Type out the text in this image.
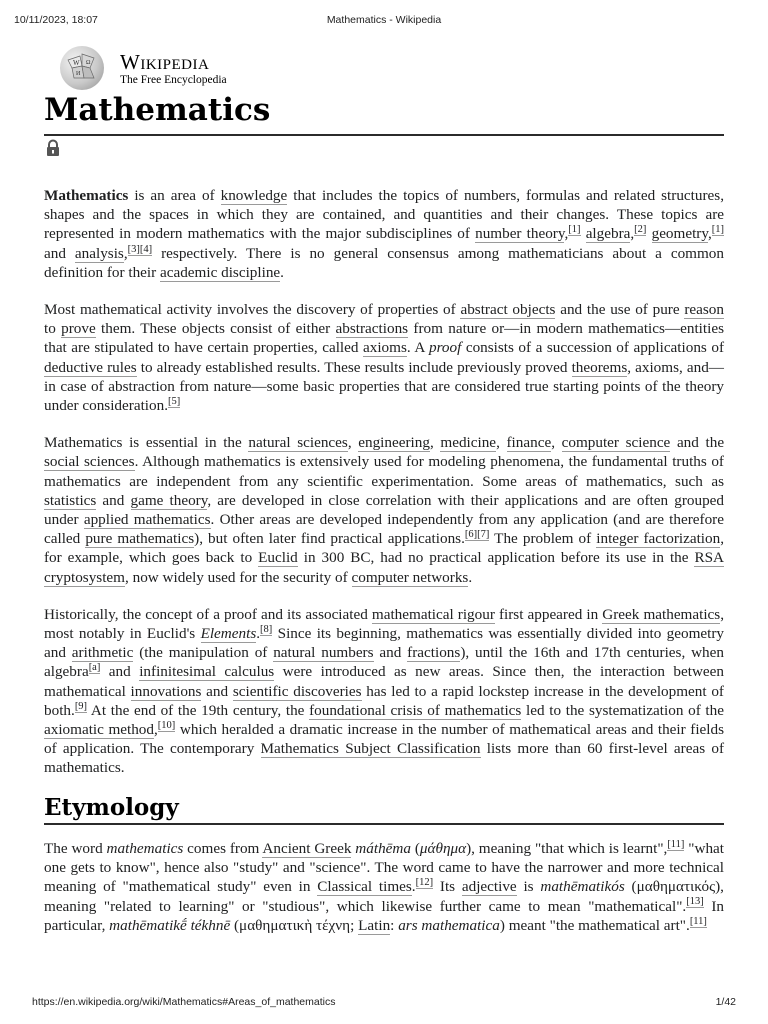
10/11/2023, 18:07	Mathematics - Wikipedia
W Ω
И Wikipedia
The Free Encyclopedia
Mathematics

Mathematics is an area of knowledge that includes the topics of numbers, formulas and related structures, shapes and the spaces in which they are contained, and quantities and their changes. These topics are represented in modern mathematics with the major subdisciplines of number theory,[1] algebra,[2] geometry,[1] and analysis,[3][4] respectively. There is no general consensus among mathematicians about a common definition for their academic discipline.

Most mathematical activity involves the discovery of properties of abstract objects and the use of pure reason to prove them. These objects consist of either abstractions from nature or—in modern mathematics—entities that are stipulated to have certain properties, called axioms. A proof consists of a succession of applications of deductive rules to already established results. These results include previously proved theorems, axioms, and—in case of abstraction from nature—some basic properties that are considered true starting points of the theory under consideration.[5]

Mathematics is essential in the natural sciences, engineering, medicine, finance, computer science and the social sciences. Although mathematics is extensively used for modeling phenomena, the fundamental truths of mathematics are independent from any scientific experimentation. Some areas of mathematics, such as statistics and game theory, are developed in close correlation with their applications and are often grouped under applied mathematics. Other areas are developed independently from any application (and are therefore called pure mathematics), but often later find practical applications.[6][7] The problem of integer factorization, for example, which goes back to Euclid in 300 BC, had no practical application before its use in the RSA cryptosystem, now widely used for the security of computer networks.

Historically, the concept of a proof and its associated mathematical rigour first appeared in Greek mathematics, most notably in Euclid's Elements.[8] Since its beginning, mathematics was essentially divided into geometry and arithmetic (the manipulation of natural numbers and fractions), until the 16th and 17th centuries, when algebra[a] and infinitesimal calculus were introduced as new areas. Since then, the interaction between mathematical innovations and scientific discoveries has led to a rapid lockstep increase in the development of both.[9] At the end of the 19th century, the foundational crisis of mathematics led to the systematization of the axiomatic method,[10] which heralded a dramatic increase in the number of mathematical areas and their fields of application. The contemporary Mathematics Subject Classification lists more than 60 first-level areas of mathematics.

Etymology

The word mathematics comes from Ancient Greek máthēma (μάθημα), meaning "that which is learnt",[11] "what one gets to know", hence also "study" and "science". The word came to have the narrower and more technical meaning of "mathematical study" even in Classical times.[12] Its adjective is mathēmatikós (μαθηματικός), meaning "related to learning" or "studious", which likewise further came to mean "mathematical".[13] In particular, mathēmatikḗ tékhnē (μαθηματικὴ τέχνη; Latin: ars mathematica) meant "the mathematical art".[11]

https://en.wikipedia.org/wiki/Mathematics#Areas_of_mathematics	1/42
